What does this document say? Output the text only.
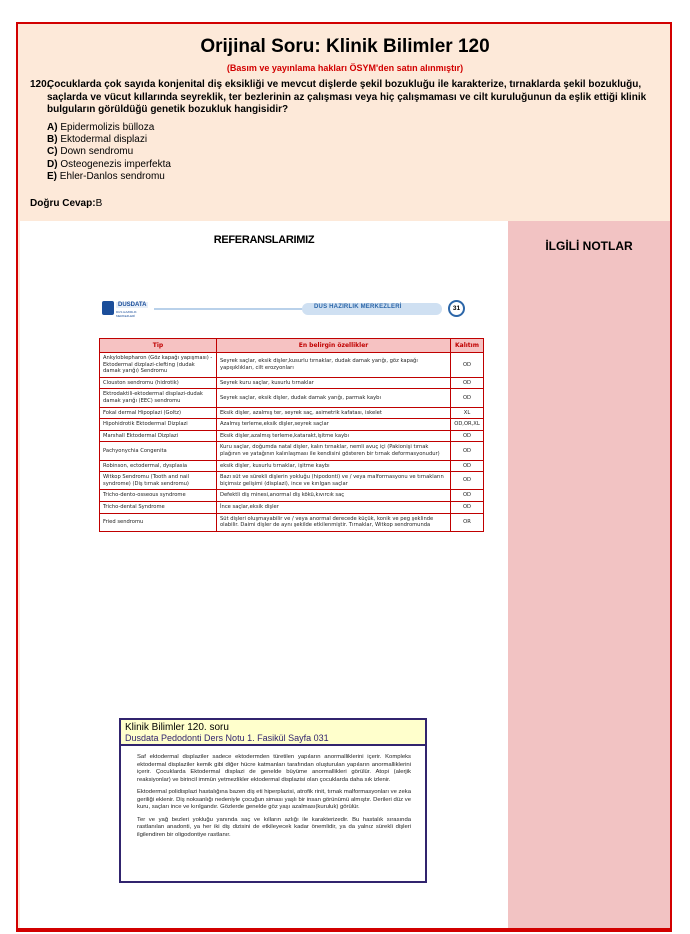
Orijinal Soru: Klinik Bilimler 120
(Basım ve yayınlama hakları ÖSYM'den satın alınmıştır)
120.
Çocuklarda çok sayıda konjenital diş eksikliği ve mevcut dişlerde şekil bozukluğu ile karakterize, tırnaklarda şekil bozukluğu, saçlarda ve vücut kıllarında seyreklik, ter bezlerinin az çalışması veya hiç çalışmaması ve cilt kuruluğunun da eşlik ettiği klinik bulguların görüldüğü genetik bozukluk hangisidir?
A) Epidermolizis bülloza
B) Ektodermal displazi
C) Down sendromu
D) Osteogenezis imperfekta
E) Ehler-Danlos sendromu
Doğru Cevap:B
REFERANSLARIMIZ
DUSDATA
DUS HAZIRLIK MERKEZLERİ
DUS HAZIRLIK MERKEZLERİ	31
Tip	En belirgin özellikler	Kalıtım
Ankyloblepharon (Göz kapağı yapışması) - Ektodermal dizplazi-clefting (dudak damak yarığı) Sendromu	Seyrek saçlar, eksik dişler,kusurlu tırnaklar, dudak damak yarığı, göz kapağı yapışıklıkları, cilt erozyonları	OD
Clouston sendromu (hidrotik)	Seyrek kuru saçlar, kusurlu tırnaklar	OD
Ektrodaktili-ektodermal displazi-dudak damak yarığı (EEC) sendromu	Seyrek saçlar, eksik dişler, dudak damak yarığı, parmak kaybı	OD
Fokal dermal Hipoplazi (Goltz)	Eksik dişler, azalmış ter, seyrek saç, asimetrik kafatası, iskelet	XL
Hipohidrotik Ektodermal Dizplazi	Azalmış terleme,eksik dişler,seyrek saçlar	OD,OR,XL
Marshall Ektodermal Dizplazi	Eksik dişler,azalmış terleme,katarakt,işitme kaybı	OD
Pachyonychia Congenita	Kuru saçlar, doğumda natal dişler, kalın tırnaklar, nemli avuç içi (Pakionişi tırnak plağının ve yatağının kalınlaşması ile kendisini gösteren bir tırnak deformasyonudur)	OD
Robinson, ectodermal, dysplasia	eksik dişler, kusurlu tırnaklar, işitme kaybı	OD
Witkop Sendromu (Tooth and nail syndrome) (Diş tırnak sendromu)	Bazı süt ve sürekli dişlerin yokluğu (hipodonti) ve / veya malformasyonu ve tırnakların biçimsiz gelişimi (displazi), ince ve kırılgan saçlar	OD
Tricho-dento-osseous syndrome	Defektli diş minesi,anormal diş kökü,kıvırcık saç	OD
Tricho-dental Syndrome	İnce saçlar,eksik dişler	OD
Fried sendromu	Süt dişleri oluşmayabilir ve / veya anormal derecede küçük, konik ve peg şeklinde olabilir. Daimi dişler de aynı şekilde etkilenmiştir. Tırnaklar, Witkop sendromunda	OR
Klinik Bilimler 120. soru
Dusdata Pedodonti Ders Notu 1. Fasikül Sayfa 031

Saf ektodermal displaziler sadece ektodermden türetilen yapıların anormalliklerini içerir. Kompleks ektodermal displaziler kemik gibi diğer hücre katmanları tarafından oluşturulan yapıların anormalliklerini içerir. Çocuklarda Ektodermal displazi de genelde büyüme anormallikleri görülür. Atopi (alerjik reaksiyonlar) ve birincil immün yetmezlikler ektodermal displazisi olan çocuklarda daha sık izlenir.

Ektodermal polidisplazi hastalığına bazen diş eti hiperplazisi, atrofik rinit, tırnak malformasyonları ve zeka geriliği eklenir. Diş noksanlığı nedeniyle çocuğun siması yaşlı bir insan görünümü almıştır. Derileri düz ve kuru, saçları ince ve kırılgandır. Gözlerde genelde göz yaşı azalması(kuruluk) görülür.

Ter ve yağ bezleri yokluğu yanında saç ve kılların azlığı ile karakterizedir. Bu hastalık sırasında rastlanılan anadonti, ya her iki diş dizisini de etkileyecek kadar önemlidir, ya da yalnız sürekli dişleri ilgilendiren bir oligodontiye rastlanır.

İLGİLİ NOTLAR
